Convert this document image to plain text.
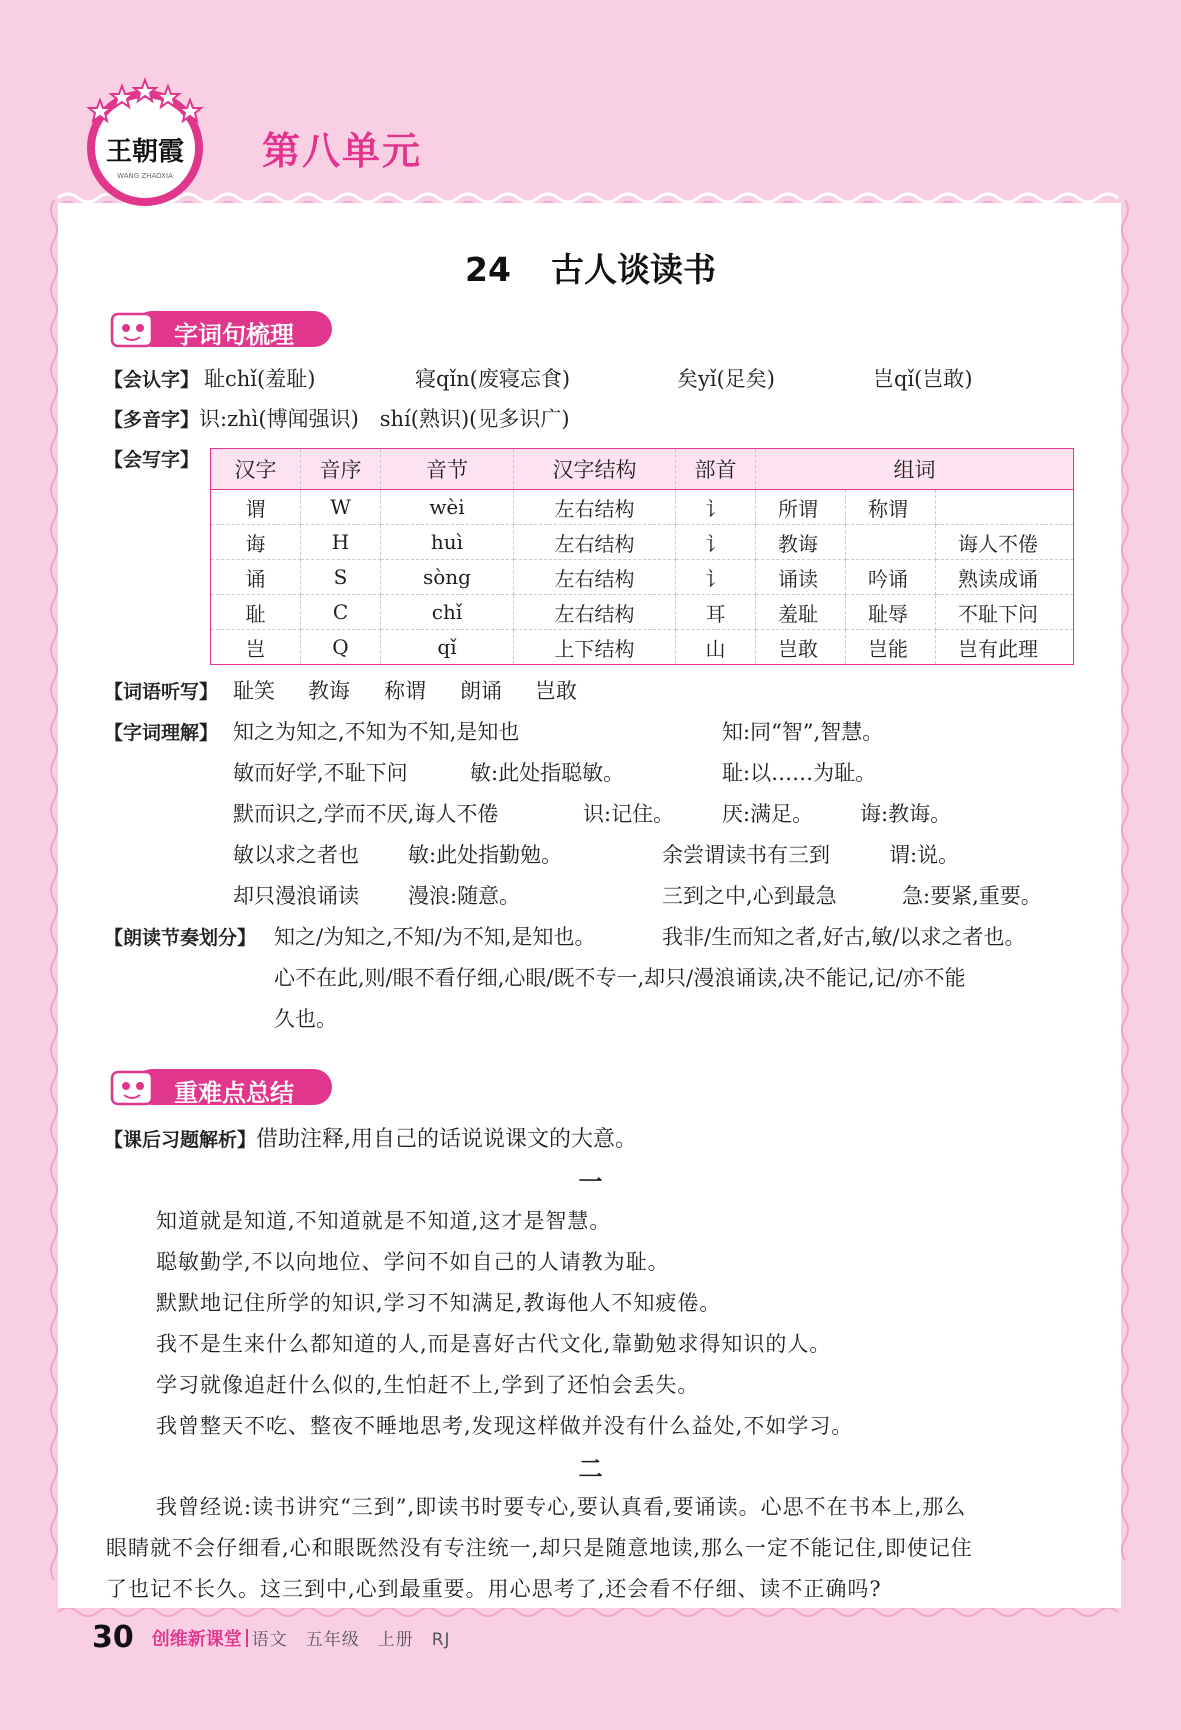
王朝霞
WANG ZHAOXIA
第八单元
24 古人谈读书
字词句梳理
【会认字】 耻chǐ(羞耻)	寝qǐn(废寝忘食)	矣yǐ(足矣)	岂qǐ(岂敢)
【多音字】识:zhì(博闻强识)　shí(熟识)(见多识广)
【会写字】 汉字	音序	音节	汉字结构	部首	组词		
谓	W	wèi	左右结构	讠	所谓	称谓	
诲	H	huì	左右结构	讠	教诲		诲人不倦
诵	S	sòng	左右结构	讠	诵读	吟诵	熟读成诵
耻	C	chǐ	左右结构	耳	羞耻	耻辱	不耻下问
岂	Q	qǐ	上下结构	山	岂敢	岂能	岂有此理
【词语听写】 耻笑 教诲 称谓 朗诵 岂敢
【字词理解】 知之为知之,不知为不知,是知也	知:同“智”,智慧。
敏而好学,不耻下问	敏:此处指聪敏。	耻:以……为耻。
默而识之,学而不厌,诲人不倦	识:记住。 厌:满足。 诲:教诲。
敏以求之者也 敏:此处指勤勉。	余尝谓读书有三到	谓:说。
却只漫浪诵读 漫浪:随意。	三到之中,心到最急	急:要紧,重要。
【朗读节奏划分】 知之/为知之,不知/为不知,是知也。	我非/生而知之者,好古,敏/以求之者也。
心不在此,则/眼不看仔细,心眼/既不专一,却只/漫浪诵读,决不能记,记/亦不能
久也。
重难点总结
【课后习题解析】借助注释,用自己的话说说课文的大意。
一
知道就是知道,不知道就是不知道,这才是智慧。
聪敏勤学,不以向地位、学问不如自己的人请教为耻。
默默地记住所学的知识,学习不知满足,教诲他人不知疲倦。
我不是生来什么都知道的人,而是喜好古代文化,靠勤勉求得知识的人。
学习就像追赶什么似的,生怕赶不上,学到了还怕会丢失。
我曾整天不吃、整夜不睡地思考,发现这样做并没有什么益处,不如学习。
二
我曾经说:读书讲究“三到”,即读书时要专心,要认真看,要诵读。心思不在书本上,那么
眼睛就不会仔细看,心和眼既然没有专注统一,却只是随意地读,那么一定不能记住,即使记住
了也记不长久。这三到中,心到最重要。用心思考了,还会看不仔细、读不正确吗?
30 创维新课堂 语文　五年级　上册　RJ
